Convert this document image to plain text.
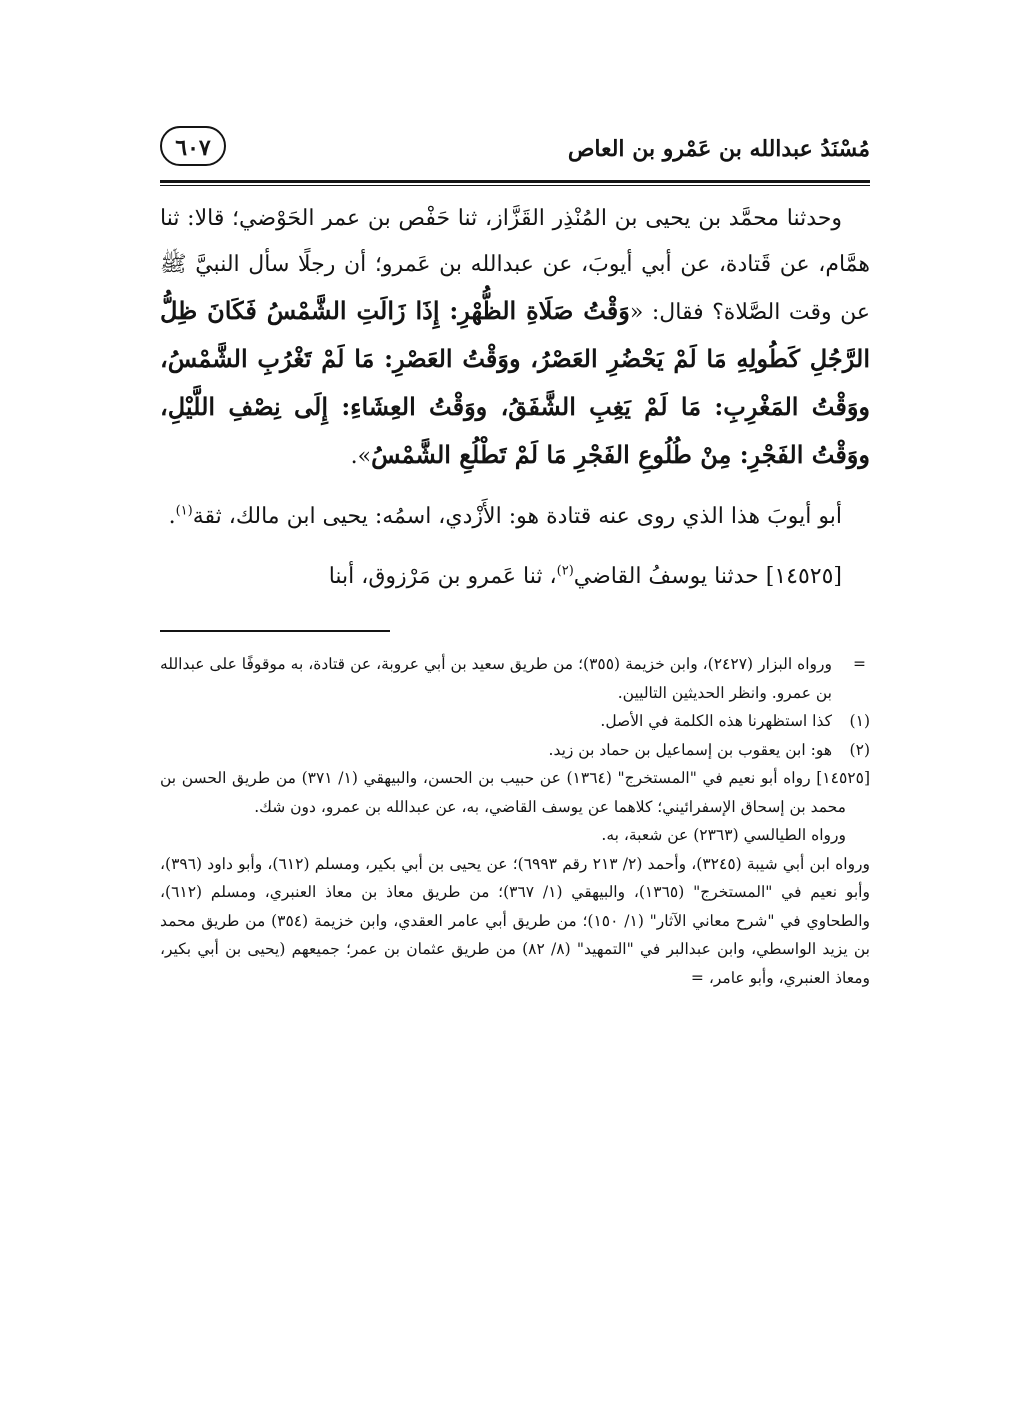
مُسْنَدُ عبدالله بن عَمْرو بن العاص
٦٠٧

وحدثنا محمَّد بن يحيى بن المُنْذِر القَزَّاز، ثنا حَفْص بن عمر الحَوْضي؛ قالا: ثنا همَّام، عن قَتادة، عن أبي أيوبَ، عن عبدالله بن عَمرو؛ أن رجلًا سأل النبيَّ ﷺ عن وقت الصَّلاة؟ فقال: «وَقْتُ صَلَاةِ الظُّهْرِ: إِذَا زَالَتِ الشَّمْسُ فَكَانَ ظِلُّ الرَّجُلِ كَطُولِهِ مَا لَمْ يَحْضُرِ العَصْرُ، ووَقْتُ العَصْرِ: مَا لَمْ تَغْرُبِ الشَّمْسُ، ووَقْتُ المَغْرِبِ: مَا لَمْ يَغِبِ الشَّفَقُ، ووَقْتُ العِشَاءِ: إِلَى نِصْفِ اللَّيْلِ، ووَقْتُ الفَجْرِ: مِنْ طُلُوعِ الفَجْرِ مَا لَمْ تَطْلُعِ الشَّمْسُ».

أبو أيوبَ هذا الذي روى عنه قتادة هو: الأَزْدي، اسمُه: يحيى ابن مالك، ثقة$^{(١)}$.

[١٤٥٢٥] حدثنا يوسفُ القاضي$^{(٢)}$، ثنا عَمرو بن مَرْزوق، أبنا

=
ورواه البزار (٢٤٢٧)، وابن خزيمة (٣٥٥)؛ من طريق سعيد بن أبي عروبة، عن قتادة، به موقوفًا على عبدالله بن عمرو. وانظر الحديثين التاليين.

(١)
كذا استظهرنا هذه الكلمة في الأصل.

(٢)
هو: ابن يعقوب بن إسماعيل بن حماد بن زيد.

[١٤٥٢٥] رواه أبو نعيم في "المستخرج" (١٣٦٤) عن حبيب بن الحسن، والبيهقي (١/ ٣٧١) من طريق الحسن بن محمد بن إسحاق الإسفرائيني؛ كلاهما عن يوسف القاضي، به، عن عبدالله بن عمرو، دون شك.

ورواه الطيالسي (٢٣٦٣) عن شعبة، به.

ورواه ابن أبي شيبة (٣٢٤٥)، وأحمد (٢/ ٢١٣ رقم ٦٩٩٣)؛ عن يحيى بن أبي بكير، ومسلم (٦١٢)، وأبو داود (٣٩٦)، وأبو نعيم في "المستخرج" (١٣٦٥)، والبيهقي (١/ ٣٦٧)؛ من طريق معاذ بن معاذ العنبري، ومسلم (٦١٢)، والطحاوي في "شرح معاني الآثار" (١/ ١٥٠)؛ من طريق أبي عامر العقدي، وابن خزيمة (٣٥٤) من طريق محمد بن يزيد الواسطي، وابن عبدالبر في "التمهيد" (٨/ ٨٢) من طريق عثمان بن عمر؛ جميعهم (يحيى بن أبي بكير، ومعاذ العنبري، وأبو عامر، =
